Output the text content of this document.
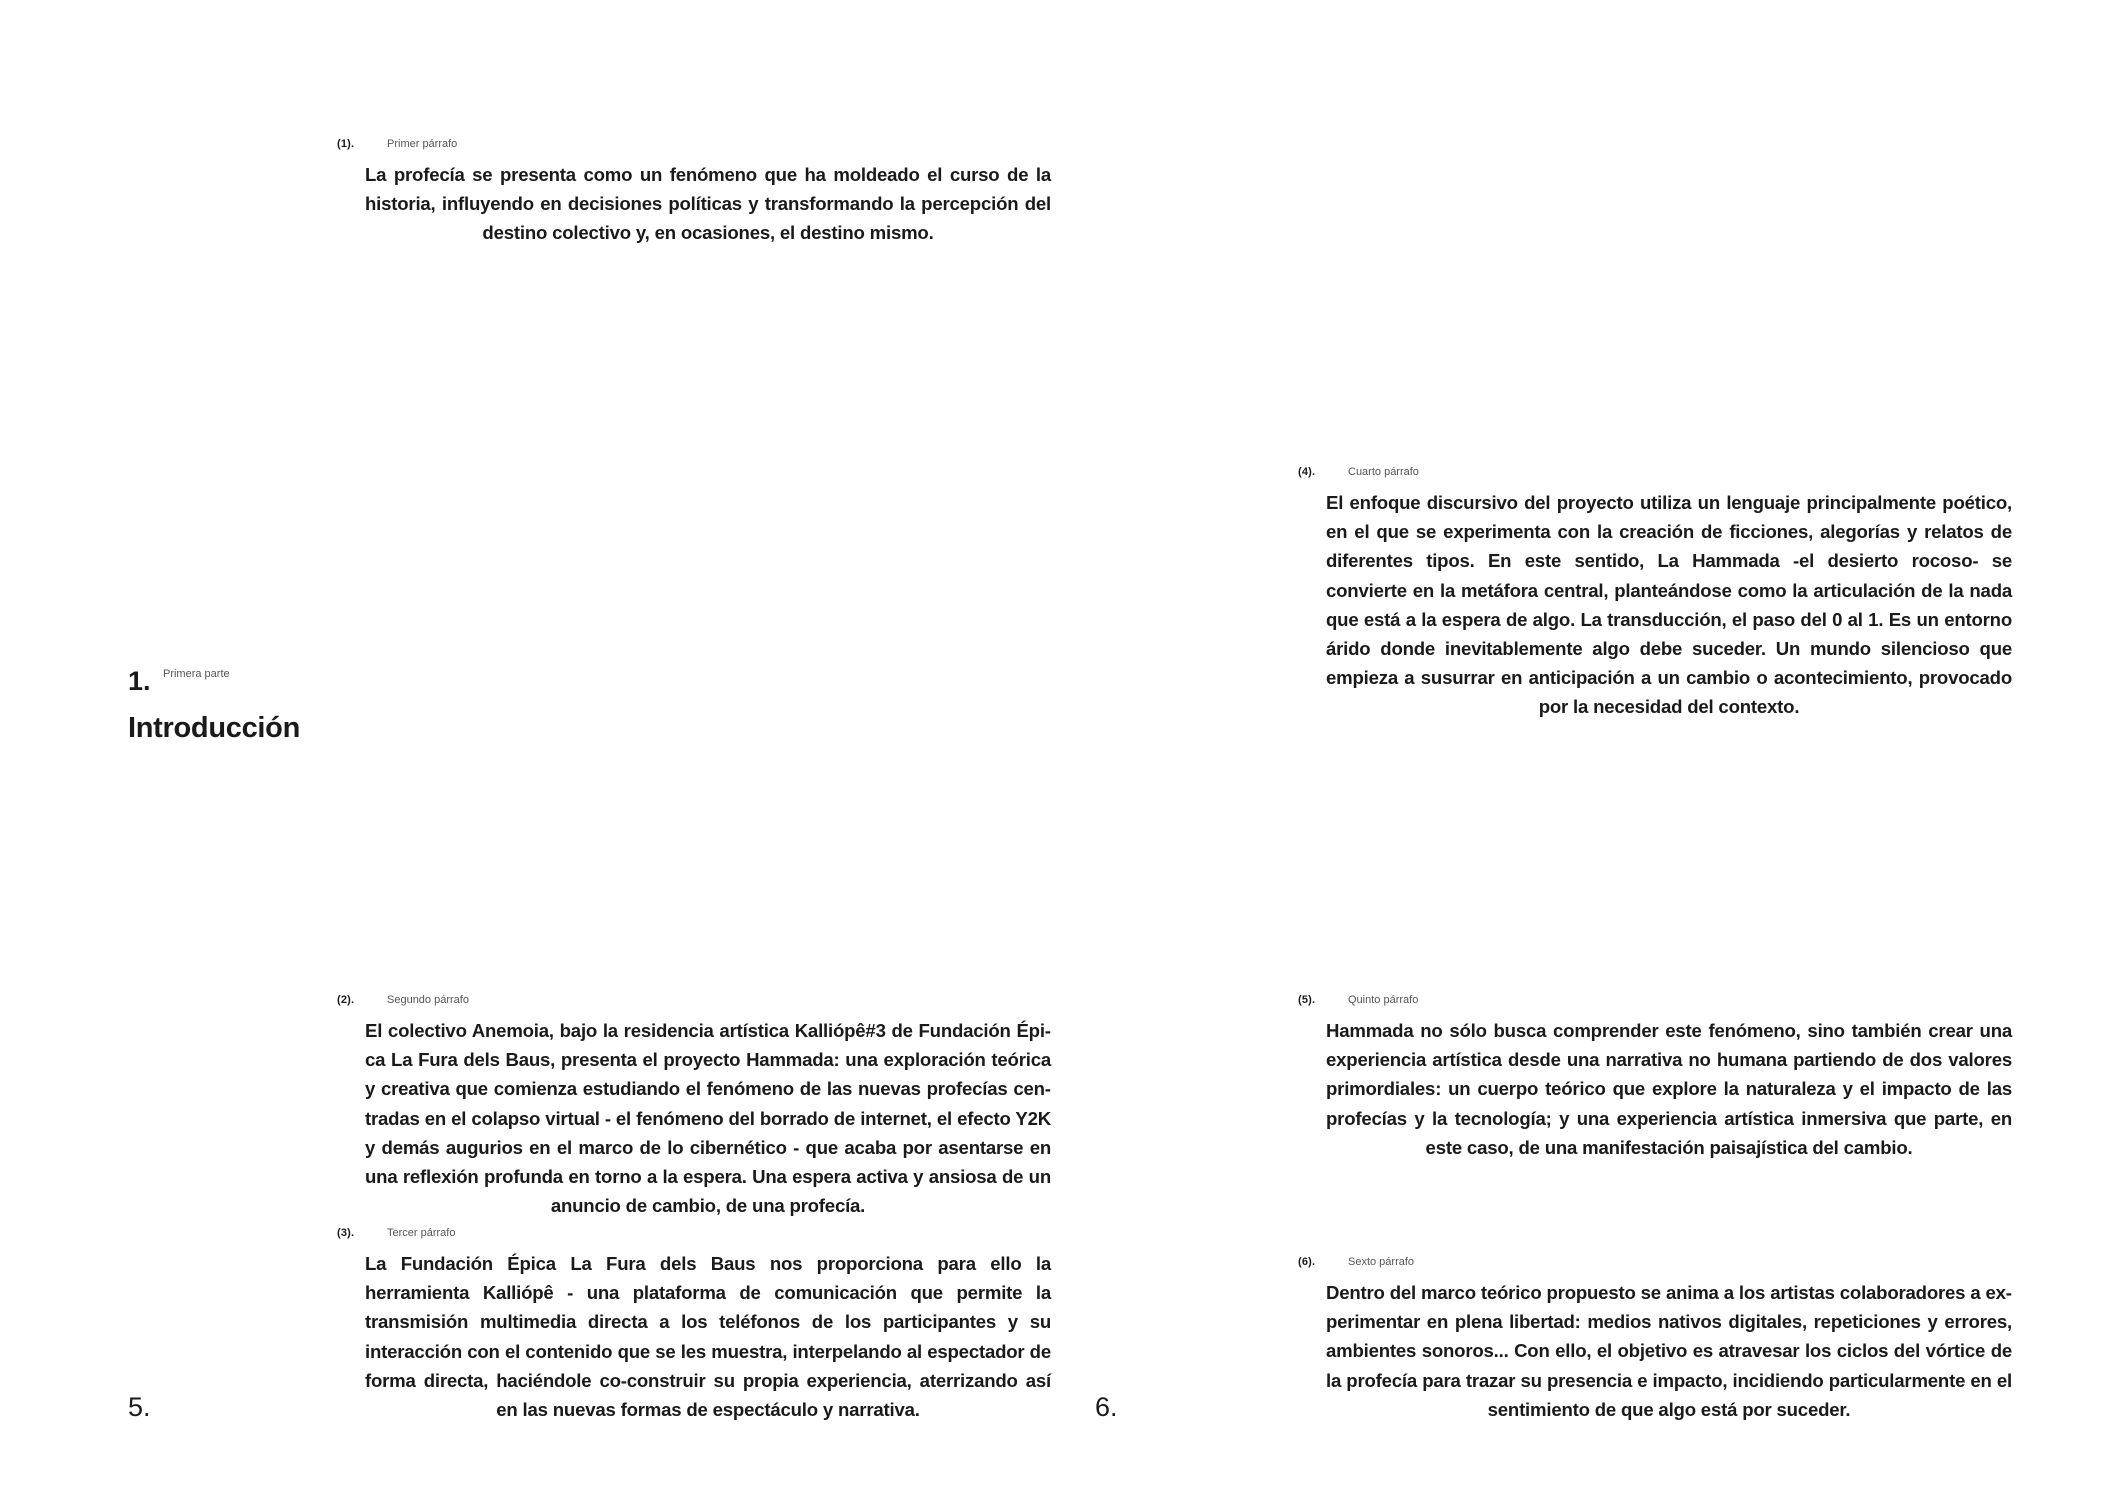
(1).	Primer párrafo

La profecía se presenta como un fenómeno que ha moldeado el curso de la historia, influyendo en decisiones políticas y transformando la percepción del destino colectivo y, en ocasiones, el destino mismo.

1. Primera parte
Introducción
(2).	Segundo párrafo

El colectivo Anemoia, bajo la residencia artística Kalliópê#3 de Fundación Épica La Fura dels Baus, presenta el proyecto Hammada: una exploración teórica y creativa que comienza estudiando el fenómeno de las nuevas profecías centradas en el colapso virtual - el fenómeno del borrado de internet, el efecto Y2K y demás augurios en el marco de lo cibernético - que acaba por asentarse en una reflexión profunda en torno a la espera. Una espera activa y ansiosa de un anuncio de cambio, de una profecía.

(3).	Tercer párrafo

La Fundación Épica La Fura dels Baus nos proporciona para ello la herramienta Kalliópê - una plataforma de comunicación que permite la transmisión multimedia directa a los teléfonos de los participantes y su interacción con el contenido que se les muestra, interpelando al espectador de forma directa, haciéndole co-construir su propia experiencia, aterrizando así en las nuevas formas de espectáculo y narrativa.

5.
(4).	Cuarto párrafo

El enfoque discursivo del proyecto utiliza un lenguaje principalmente poético, en el que se experimenta con la creación de ficciones, alegorías y relatos de diferentes tipos. En este sentido, La Hammada -el desierto rocoso- se convierte en la metáfora central, planteándose como la articulación de la nada que está a la espera de algo. La transducción, el paso del 0 al 1. Es un entorno árido donde inevitablemente algo debe suceder. Un mundo silencioso que empieza a susurrar en anticipación a un cambio o acontecimiento, provocado por la necesidad del contexto.

(5).	Quinto párrafo

Hammada no sólo busca comprender este fenómeno, sino también crear una experiencia artística desde una narrativa no humana partiendo de dos valores primordiales: un cuerpo teórico que explore la naturaleza y el impacto de las profecías y la tecnología; y una experiencia artística inmersiva que parte, en este caso, de una manifestación paisajística del cambio.

(6).	Sexto párrafo

Dentro del marco teórico propuesto se anima a los artistas colaboradores a experimentar en plena libertad: medios nativos digitales, repeticiones y errores, ambientes sonoros... Con ello, el objetivo es atravesar los ciclos del vórtice de la profecía para trazar su presencia e impacto, incidiendo particularmente en el sentimiento de que algo está por suceder.

6.
